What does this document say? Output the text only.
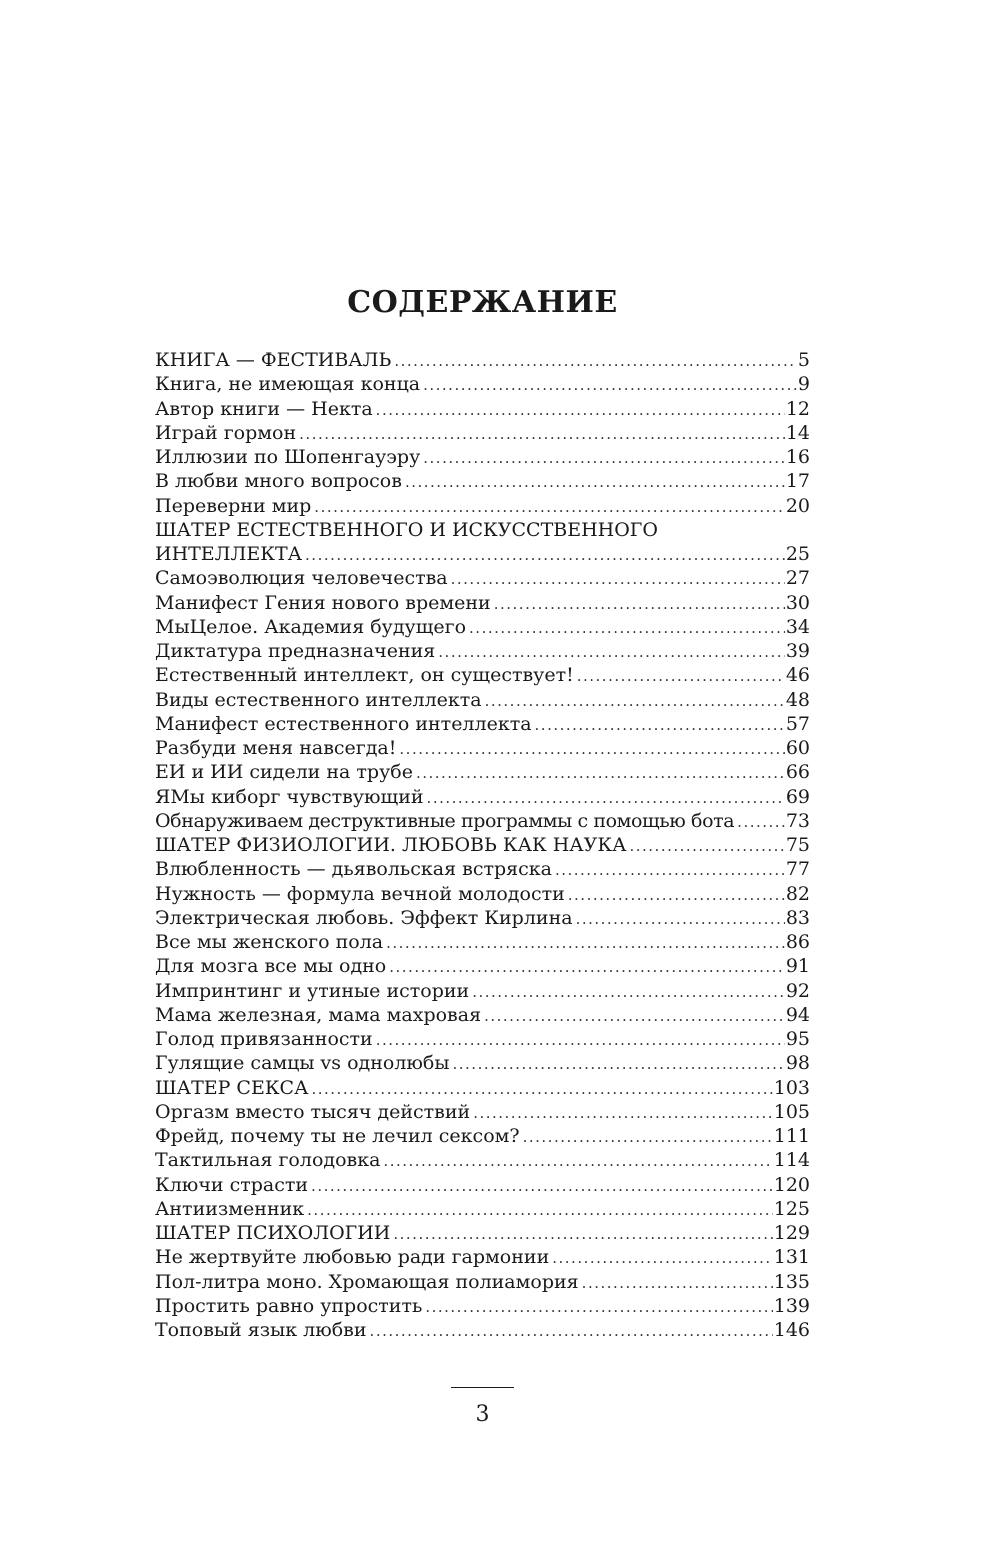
СОДЕРЖАНИЕ
КНИГА — ФЕСТИВАЛЬ .....	5
Книга, не имеющая конца .....	9
Автор книги — Некта .....	12
Играй гормон .....	14
Иллюзии по Шопенгауэру .....	16
В любви много вопросов .....	17
Переверни мир .....	20
ШАТЕР ЕСТЕСТВЕННОГО И ИСКУССТВЕННОГО
ИНТЕЛЛЕКТА .....	25
Самоэволюция человечества .....	27
Манифест Гения нового времени .....	30
МыЦелое. Академия будущего .....	34
Диктатура предназначения .....	39
Естественный интеллект, он существует! .....	46
Виды естественного интеллекта .....	48
Манифест естественного интеллекта .....	57
Разбуди меня навсегда! .....	60
ЕИ и ИИ сидели на трубе .....	66
ЯМы киборг чувствующий .....	69
Обнаруживаем деструктивные программы с помощью бота .....	73
ШАТЕР ФИЗИОЛОГИИ. ЛЮБОВЬ КАК НАУКА .....	75
Влюбленность — дьявольская встряска .....	77
Нужность — формула вечной молодости .....	82
Электрическая любовь. Эффект Кирлина .....	83
Все мы женского пола .....	86
Для мозга все мы одно .....	91
Импринтинг и утиные истории .....	92
Мама железная, мама махровая .....	94
Голод привязанности .....	95
Гулящие самцы vs однолюбы .....	98
ШАТЕР СЕКСА .....	103
Оргазм вместо тысяч действий .....	105
Фрейд, почему ты не лечил сексом? .....	111
Тактильная голодовка .....	114
Ключи страсти .....	120
Антиизменник .....	125
ШАТЕР ПСИХОЛОГИИ .....	129
Не жертвуйте любовью ради гармонии .....	131
Пол-литра моно. Хромающая полиамория .....	135
Простить равно упростить .....	139
Топовый язык любви .....	146
3
